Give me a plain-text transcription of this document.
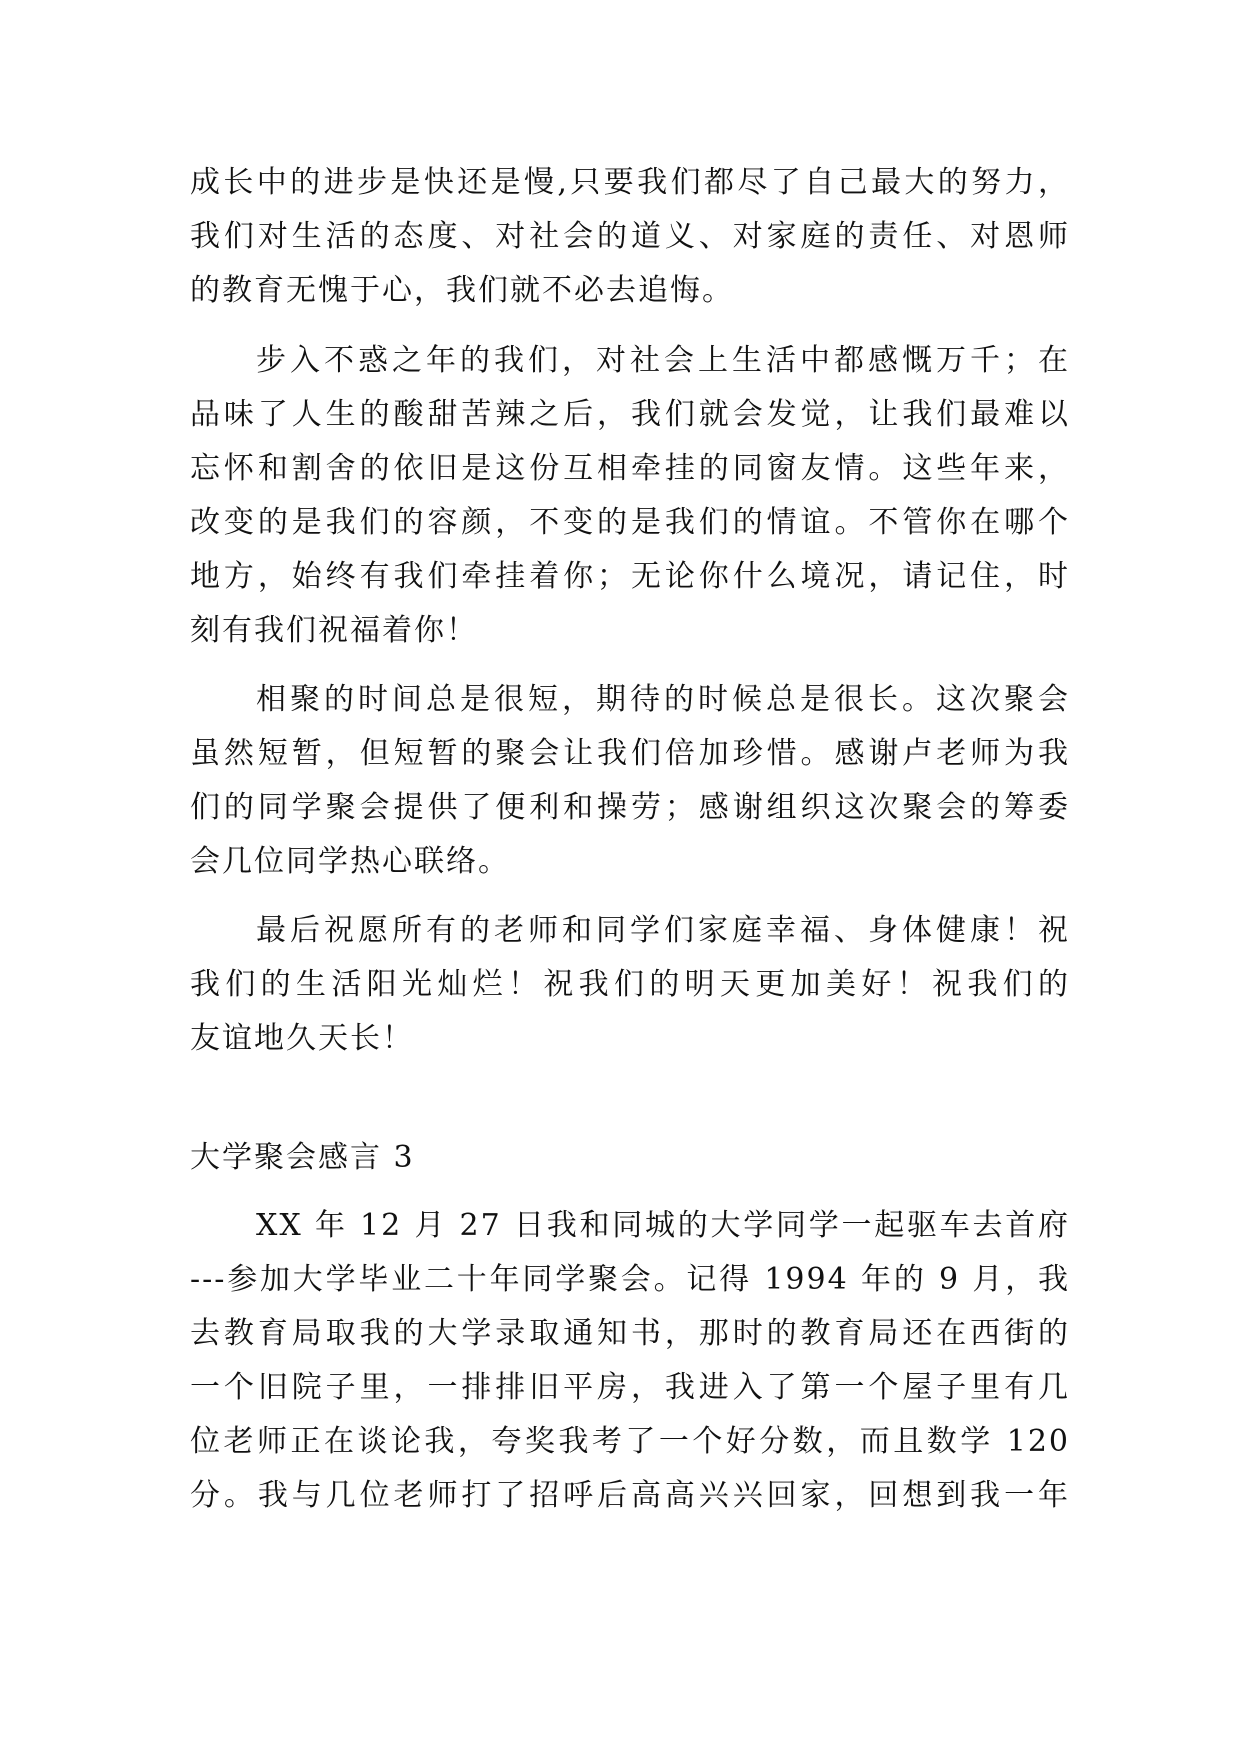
成长中的进步是快还是慢,只要我们都尽了自己最大的努力，
我们对生活的态度、对社会的道义、对家庭的责任、对恩师
的教育无愧于心，我们就不必去追悔。
步入不惑之年的我们，对社会上生活中都感慨万千；在
品味了人生的酸甜苦辣之后，我们就会发觉，让我们最难以
忘怀和割舍的依旧是这份互相牵挂的同窗友情。这些年来，
改变的是我们的容颜，不变的是我们的情谊。不管你在哪个
地方，始终有我们牵挂着你；无论你什么境况，请记住，时
刻有我们祝福着你！
相聚的时间总是很短，期待的时候总是很长。这次聚会
虽然短暂，但短暂的聚会让我们倍加珍惜。感谢卢老师为我
们的同学聚会提供了便利和操劳；感谢组织这次聚会的筹委
会几位同学热心联络。
最后祝愿所有的老师和同学们家庭幸福、身体健康！祝
我们的生活阳光灿烂！祝我们的明天更加美好！祝我们的
友谊地久天长！
大学聚会感言 3
XX 年 12 月 27 日我和同城的大学同学一起驱车去首府
---参加大学毕业二十年同学聚会。记得 1994 年的 9 月，我
去教育局取我的大学录取通知书，那时的教育局还在西街的
一个旧院子里，一排排旧平房，我进入了第一个屋子里有几
位老师正在谈论我，夸奖我考了一个好分数，而且数学 120
分。我与几位老师打了招呼后高高兴兴回家，回想到我一年
